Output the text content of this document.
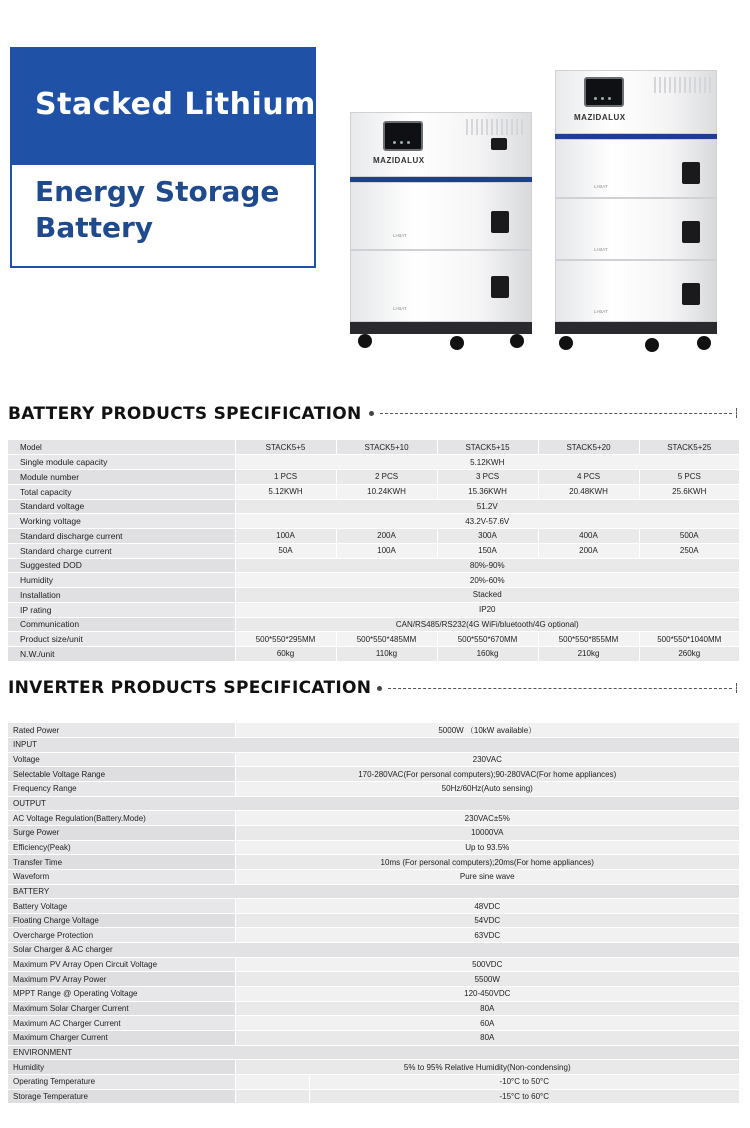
Stacked Lithium
Energy Storage
Battery
MAZIDALUX
LI-BAT
LI-BAT
MAZIDALUX
LI-BAT
LI-BAT
LI-BAT
BATTERY PRODUCTS SPECIFICATION
Model	STACK5+5	STACK5+10	STACK5+15	STACK5+20	STACK5+25
Single module capacity	5.12KWH				
Module number	1 PCS	2 PCS	3 PCS	4 PCS	5 PCS
Total capacity	5.12KWH	10.24KWH	15.36KWH	20.48KWH	25.6KWH
Standard voltage	51.2V				
Working voltage	43.2V-57.6V				
Standard discharge current	100A	200A	300A	400A	500A
Standard charge current	50A	100A	150A	200A	250A
Suggested DOD	80%-90%				
Humidity	20%-60%				
Installation	Stacked				
IP rating	IP20				
Communication	CAN/RS485/RS232(4G WiFi/bluetooth/4G optional)				
Product size/unit	500*550*295MM	500*550*485MM	500*550*670MM	500*550*855MM	500*550*1040MM
N.W./unit	60kg	110kg	160kg	210kg	260kg
INVERTER PRODUCTS SPECIFICATION
Rated Power	5000W （10kW available）	
INPUT		
Voltage	230VAC	
Selectable Voltage Range	170-280VAC(For personal computers);90-280VAC(For home appliances)	
Frequency Range	50Hz/60Hz(Auto sensing)	
OUTPUT		
AC Voltage Regulation(Battery.Mode)	230VAC±5%	
Surge Power	10000VA	
Efficiency(Peak)	Up to 93.5%	
Transfer Time	10ms (For personal computers);20ms(For home appliances)	
Waveform	Pure sine wave	
BATTERY		
Battery Voltage	48VDC	
Floating Charge Voltage	54VDC	
Overcharge Protection	63VDC	
Solar Charger & AC charger		
Maximum PV Array Open Circuit Voltage	500VDC	
Maximum PV Array Power	5500W	
MPPT Range @ Operating Voltage	120-450VDC	
Maximum Solar Charger Current	80A	
Maximum AC Charger Current	60A	
Maximum Charger Current	80A	
ENVIRONMENT		
Humidity	5% to 95% Relative Humidity(Non-condensing)	
Operating Temperature		-10°C to 50°C
Storage Temperature		-15°C to 60°C
